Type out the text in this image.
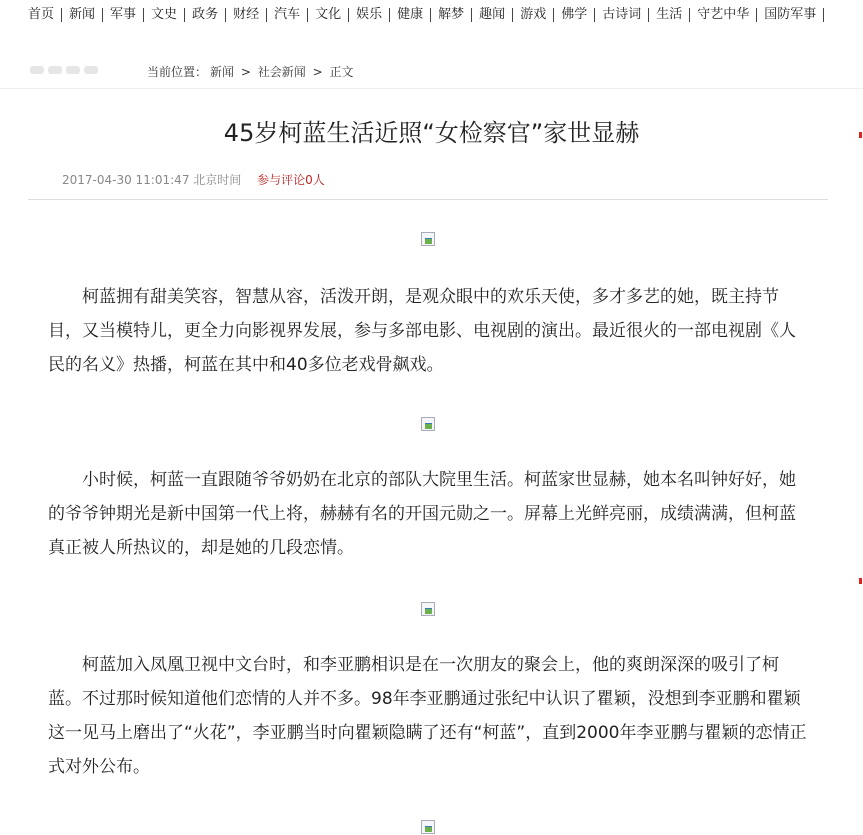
首页 新闻 军事 文史 政务 财经 汽车 文化 娱乐 健康 解梦 趣闻 游戏 佛学 古诗词 生活 守艺中华 国防军事
当前位置： 新闻 > 社会新闻 > 正文
45岁柯蓝生活近照“女检察官”家世显赫
2017-04-30 11:01:47 北京时间 参与评论0人

柯蓝拥有甜美笑容，智慧从容，活泼开朗，是观众眼中的欢乐天使，多才多艺的她，既主持节目，又当模特儿，更全力向影视界发展，参与多部电影、电视剧的演出。最近很火的一部电视剧《人民的名义》热播，柯蓝在其中和40多位老戏骨飙戏。

小时候，柯蓝一直跟随爷爷奶奶在北京的部队大院里生活。柯蓝家世显赫，她本名叫钟好好，她的爷爷钟期光是新中国第一代上将，赫赫有名的开国元勋之一。屏幕上光鲜亮丽，成绩满满，但柯蓝真正被人所热议的，却是她的几段恋情。

柯蓝加入凤凰卫视中文台时，和李亚鹏相识是在一次朋友的聚会上，他的爽朗深深的吸引了柯蓝。不过那时候知道他们恋情的人并不多。98年李亚鹏通过张纪中认识了瞿颖，没想到李亚鹏和瞿颖这一见马上磨出了“火花”，李亚鹏当时向瞿颖隐瞒了还有“柯蓝”，直到2000年李亚鹏与瞿颖的恋情正式对外公布。
